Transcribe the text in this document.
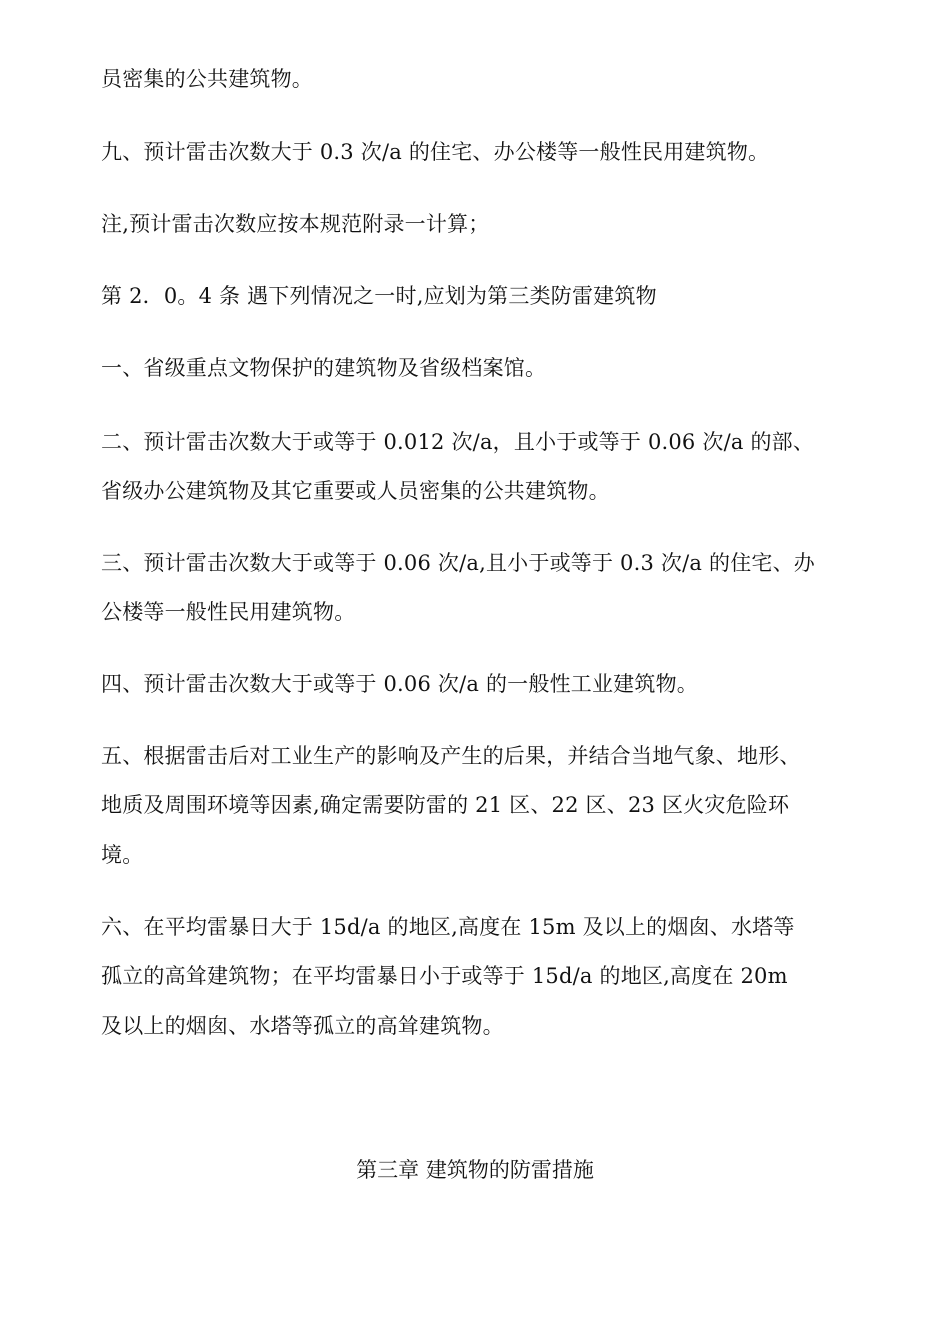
员密集的公共建筑物。
九、预计雷击次数大于 0.3 次/a 的住宅、办公楼等一般性民用建筑物。
注,预计雷击次数应按本规范附录一计算；
第 2．0。4 条 遇下列情况之一时,应划为第三类防雷建筑物
一、省级重点文物保护的建筑物及省级档案馆。
二、预计雷击次数大于或等于 0.012 次/a，且小于或等于 0.06 次/a 的部、
省级办公建筑物及其它重要或人员密集的公共建筑物。
三、预计雷击次数大于或等于 0.06 次/a,且小于或等于 0.3 次/a 的住宅、办
公楼等一般性民用建筑物。
四、预计雷击次数大于或等于 0.06 次/a 的一般性工业建筑物。
五、根据雷击后对工业生产的影响及产生的后果，并结合当地气象、地形、
地质及周围环境等因素,确定需要防雷的 21 区、22 区、23 区火灾危险环
境。
六、在平均雷暴日大于 15d/a 的地区,高度在 15m 及以上的烟囱、水塔等
孤立的高耸建筑物；在平均雷暴日小于或等于 15d/a 的地区,高度在 20m
及以上的烟囱、水塔等孤立的高耸建筑物。
第三章 建筑物的防雷措施
